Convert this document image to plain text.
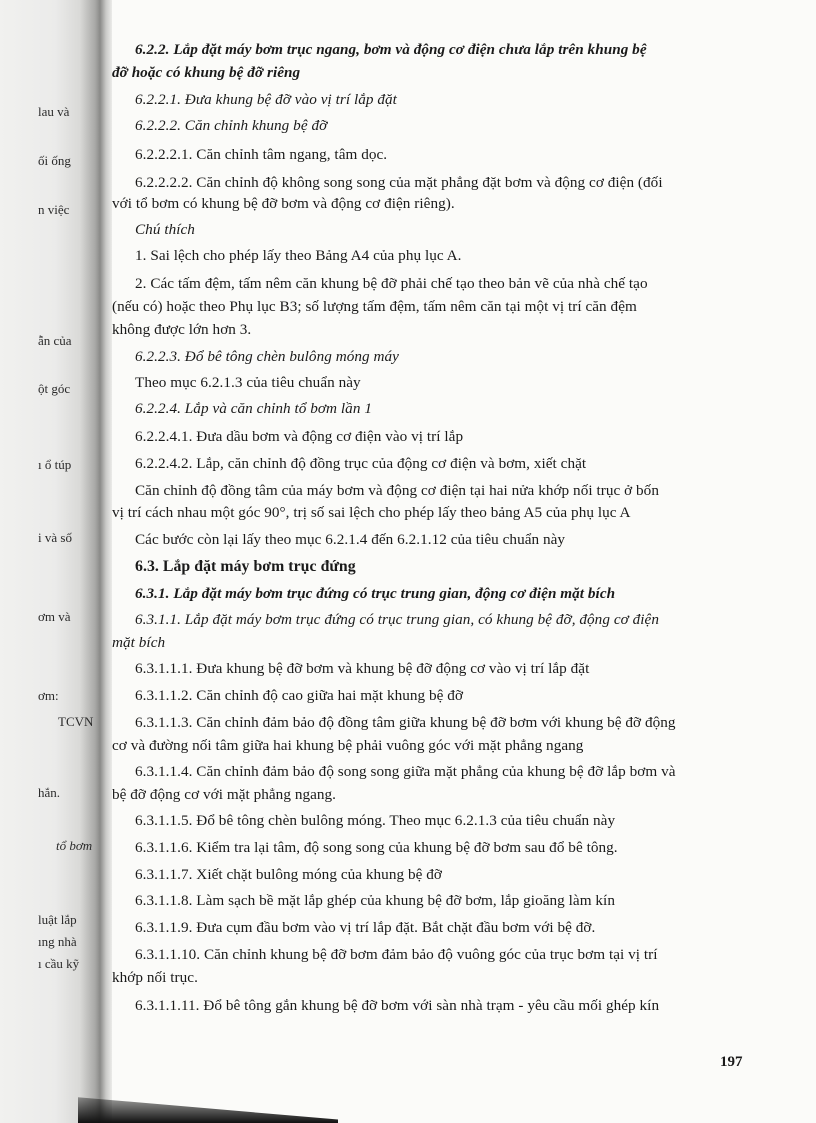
lau và
ối ống
n việc
ẫn của
ột góc
ı ổ túp
i và số
ơm và
ơm:
TCVN
hắn.
tổ bơm
luật lắp
ıng nhà
ı cầu kỹ
6.2.2. Lắp đặt máy bơm trục ngang, bơm và động cơ điện chưa lắp trên khung bệ
đỡ hoặc có khung bệ đỡ riêng
6.2.2.1. Đưa khung bệ đỡ vào vị trí lắp đặt
6.2.2.2. Căn chỉnh khung bệ đỡ
6.2.2.2.1. Căn chỉnh tâm ngang, tâm dọc.
6.2.2.2.2. Căn chỉnh độ không song song của mặt phẳng đặt bơm và động cơ điện (đối
với tổ bơm có khung bệ đỡ bơm và động cơ điện riêng).
Chú thích
1. Sai lệch cho phép lấy theo Bảng A4 của phụ lục A.
2. Các tấm đệm, tấm nêm căn khung bệ đỡ phải chế tạo theo bản vẽ của nhà chế tạo
(nếu có) hoặc theo Phụ lục B3; số lượng tấm đệm, tấm nêm căn tại một vị trí căn đệm
không được lớn hơn 3.
6.2.2.3. Đổ bê tông chèn bulông móng máy
Theo mục 6.2.1.3 của tiêu chuẩn này
6.2.2.4. Lắp và căn chỉnh tổ bơm lần 1
6.2.2.4.1. Đưa dầu bơm và động cơ điện vào vị trí lắp
6.2.2.4.2. Lắp, căn chỉnh độ đồng trục của động cơ điện và bơm, xiết chặt
Căn chỉnh độ đồng tâm của máy bơm và động cơ điện tại hai nửa khớp nối trục ở bốn
vị trí cách nhau một góc 90°, trị số sai lệch cho phép lấy theo bảng A5 của phụ lục A
Các bước còn lại lấy theo mục 6.2.1.4 đến 6.2.1.12 của tiêu chuẩn này
6.3. Lắp đặt máy bơm trục đứng
6.3.1. Lắp đặt máy bơm trục đứng có trục trung gian, động cơ điện mặt bích
6.3.1.1. Lắp đặt máy bơm trục đứng có trục trung gian, có khung bệ đỡ, động cơ điện
mặt bích
6.3.1.1.1. Đưa khung bệ đỡ bơm và khung bệ đỡ động cơ vào vị trí lắp đặt
6.3.1.1.2. Căn chỉnh độ cao giữa hai mặt khung bệ đỡ
6.3.1.1.3. Căn chỉnh đảm bảo độ đồng tâm giữa khung bệ đỡ bơm với khung bệ đỡ động
cơ và đường nối tâm giữa hai khung bệ phải vuông góc với mặt phẳng ngang
6.3.1.1.4. Căn chỉnh đảm bảo độ song song giữa mặt phẳng của khung bệ đỡ lắp bơm và
bệ đỡ động cơ với mặt phẳng ngang.
6.3.1.1.5. Đổ bê tông chèn bulông móng. Theo mục 6.2.1.3 của tiêu chuẩn này
6.3.1.1.6. Kiểm tra lại tâm, độ song song của khung bệ đỡ bơm sau đổ bê tông.
6.3.1.1.7. Xiết chặt bulông móng của khung bệ đỡ
6.3.1.1.8. Làm sạch bề mặt lắp ghép của khung bệ đỡ bơm, lắp gioăng làm kín
6.3.1.1.9. Đưa cụm đầu bơm vào vị trí lắp đặt. Bắt chặt đầu bơm với bệ đỡ.
6.3.1.1.10. Căn chỉnh khung bệ đỡ bơm đảm bảo độ vuông góc của trục bơm tại vị trí
khớp nối trục.
6.3.1.1.11. Đổ bê tông gắn khung bệ đỡ bơm với sàn nhà trạm - yêu cầu mối ghép kín
197
